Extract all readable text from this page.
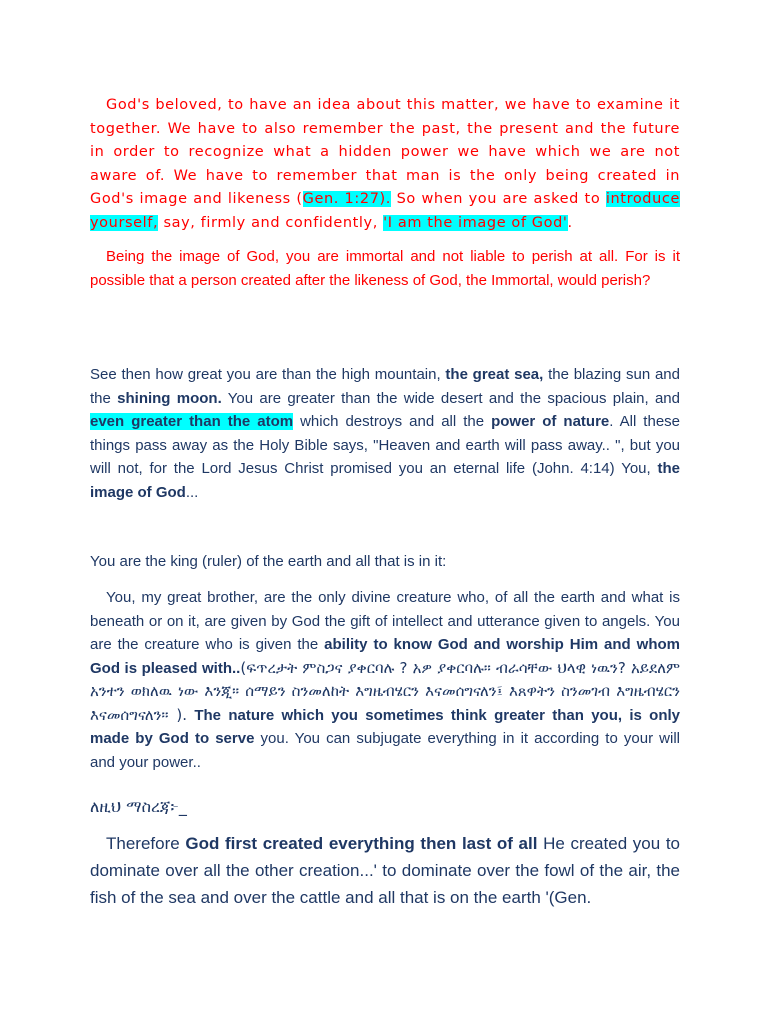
God's beloved, to have an idea about this matter, we have to examine it together. We have to also remember the past, the present and the future in order to recognize what a hidden power we have which we are not aware of. We have to remember that man is the only being created in God's image and likeness (Gen. 1:27). So when you are asked to introduce yourself, say, firmly and confidently, 'I am the image of God'.

Being the image of God, you are immortal and not liable to perish at all. For is it possible that a person created after the likeness of God, the Immortal, would perish?

See then how great you are than the high mountain, the great sea, the blazing sun and the shining moon. You are greater than the wide desert and the spacious plain, and even greater than the atom which destroys and all the power of nature. All these things pass away as the Holy Bible says, "Heaven and earth will pass away.. ", but you will not, for the Lord Jesus Christ promised you an eternal life (John. 4:14) You, the image of God...

You are the king (ruler) of the earth and all that is in it:

You, my great brother, are the only divine creature who, of all the earth and what is beneath or on it, are given by God the gift of intellect and utterance given to angels. You are the creature who is given the ability to know God and worship Him and whom God is pleased with..(ፍጥረታት ምስጋና ያቀርባሉ ? አዎ ያቀርባሉ። ብራሳቸው ህላዊ ነዉን? አይደለም አንተን ወክለዉ ነው እንጂ። ሰማይን ስንመለከት እግዜብሄርን እናመሰግናለን፤ እጸዋትን ስንመገብ እግዜብሄርን እናመሰግናለን። ). The nature which you sometimes think greater than you, is only made by God to serve you. You can subjugate everything in it according to your will and your power..

ለዚህ ማስረጃ፦_

Therefore God first created everything then last of all He created you to dominate over all the other creation...' to dominate over the fowl of the air, the fish of the sea and over the cattle and all that is on the earth '(Gen.
